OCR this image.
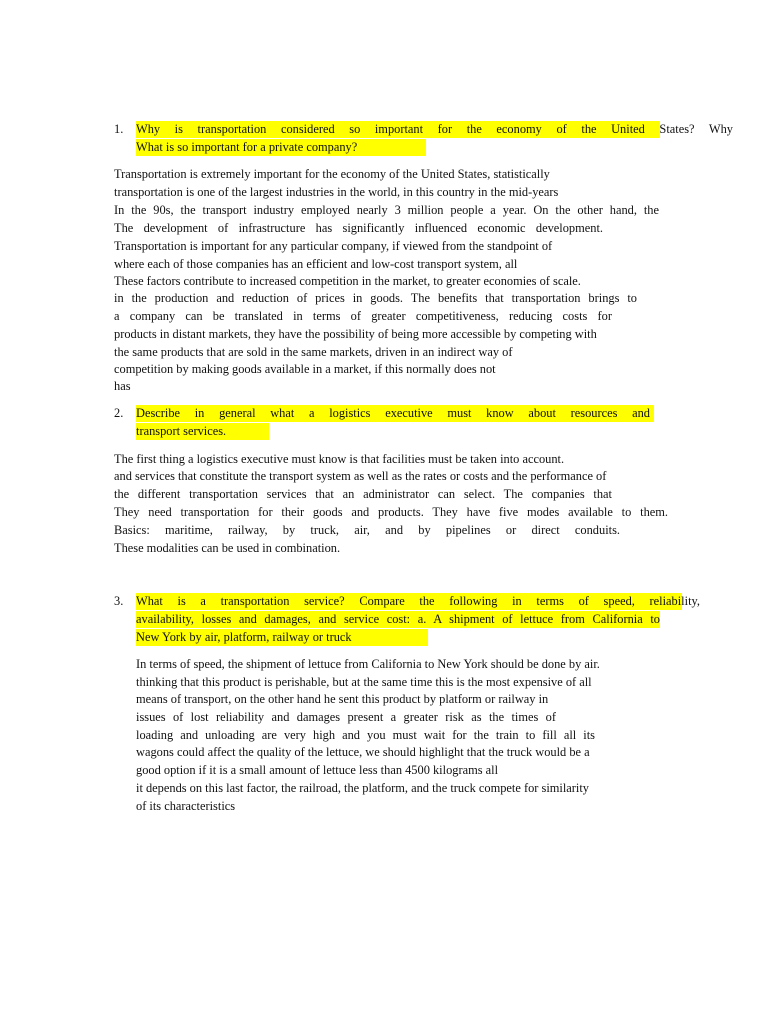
1. Why is transportation considered so important for the economy of the United States? Why
What is so important for a private company?
Transportation is extremely important for the economy of the United States, statistically
transportation is one of the largest industries in the world, in this country in the mid-years
In the 90s, the transport industry employed nearly 3 million people a year. On the other hand, the
The development of infrastructure has significantly influenced economic development.
Transportation is important for any particular company, if viewed from the standpoint of
where each of those companies has an efficient and low-cost transport system, all
These factors contribute to increased competition in the market, to greater economies of scale.
in the production and reduction of prices in goods. The benefits that transportation brings to
a company can be translated in terms of greater competitiveness, reducing costs for
products in distant markets, they have the possibility of being more accessible by competing with
the same products that are sold in the same markets, driven in an indirect way of
competition by making goods available in a market, if this normally does not
has
2. Describe in general what a logistics executive must know about resources and
transport services.
The first thing a logistics executive must know is that facilities must be taken into account.
and services that constitute the transport system as well as the rates or costs and the performance of
the different transportation services that an administrator can select. The companies that
They need transportation for their goods and products. They have five modes available to them.
Basics: maritime, railway, by truck, air, and by pipelines or direct conduits.
These modalities can be used in combination.
3. What is a transportation service? Compare the following in terms of speed, reliability,
availability, losses and damages, and service cost: a. A shipment of lettuce from California to
New York by air, platform, railway or truck
In terms of speed, the shipment of lettuce from California to New York should be done by air.
thinking that this product is perishable, but at the same time this is the most expensive of all
means of transport, on the other hand he sent this product by platform or railway in
issues of lost reliability and damages present a greater risk as the times of
loading and unloading are very high and you must wait for the train to fill all its
wagons could affect the quality of the lettuce, we should highlight that the truck would be a
good option if it is a small amount of lettuce less than 4500 kilograms all
it depends on this last factor, the railroad, the platform, and the truck compete for similarity
of its characteristics
